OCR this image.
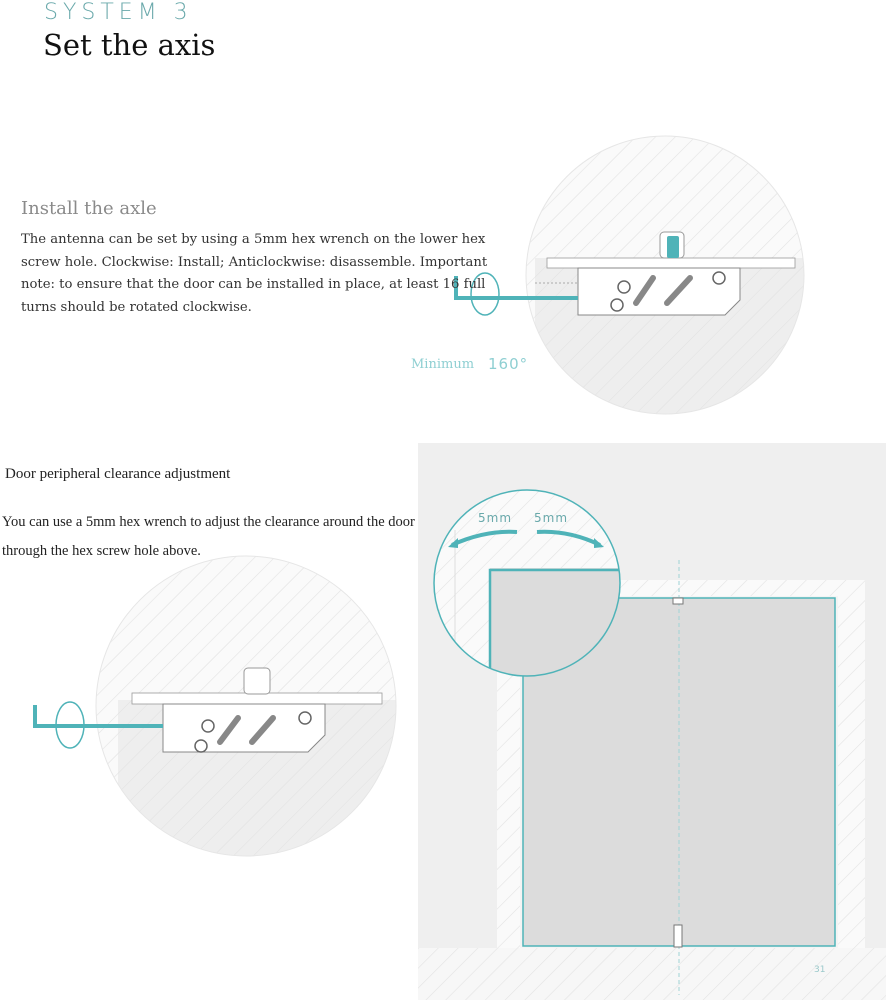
SYSTEM 3
Set the axis
Install the axle
The antenna can be set by using a 5mm hex wrench on the lower hex screw hole. Clockwise: Install; Anticlockwise: disassemble. Important note: to ensure that the door can be installed in place, at least 16 full turns should be rotated clockwise.
Minimum 160°
Door peripheral clearance adjustment
You can use a 5mm hex wrench to adjust the clearance around the door through the hex screw hole above.
5mm 5mm
31
